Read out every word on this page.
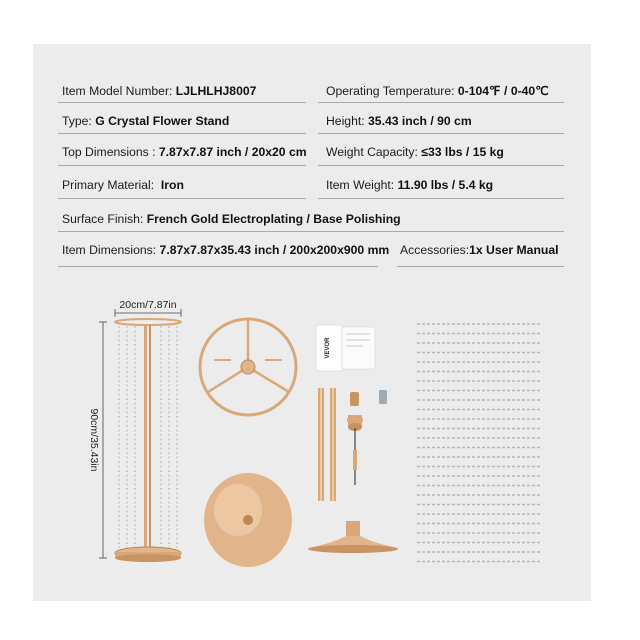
Item Model Number: LJLHLHJ8007	Operating Temperature: 0-104℉ / 0-40℃
Type: G Crystal Flower Stand	Height: 35.43 inch / 90 cm
Top Dimensions : 7.87x7.87 inch / 20x20 cm Weight Capacity: ≤33 lbs / 15 kg
Primary Material: Iron	Item Weight: 11.90 lbs / 5.4 kg
Surface Finish: French Gold Electroplating / Base Polishing
Item Dimensions: 7.87x7.87x35.43 inch / 200x200x900 mm Accessories:1x User Manual
20cm/7.87in
90cm/35.43in
VEVOR
